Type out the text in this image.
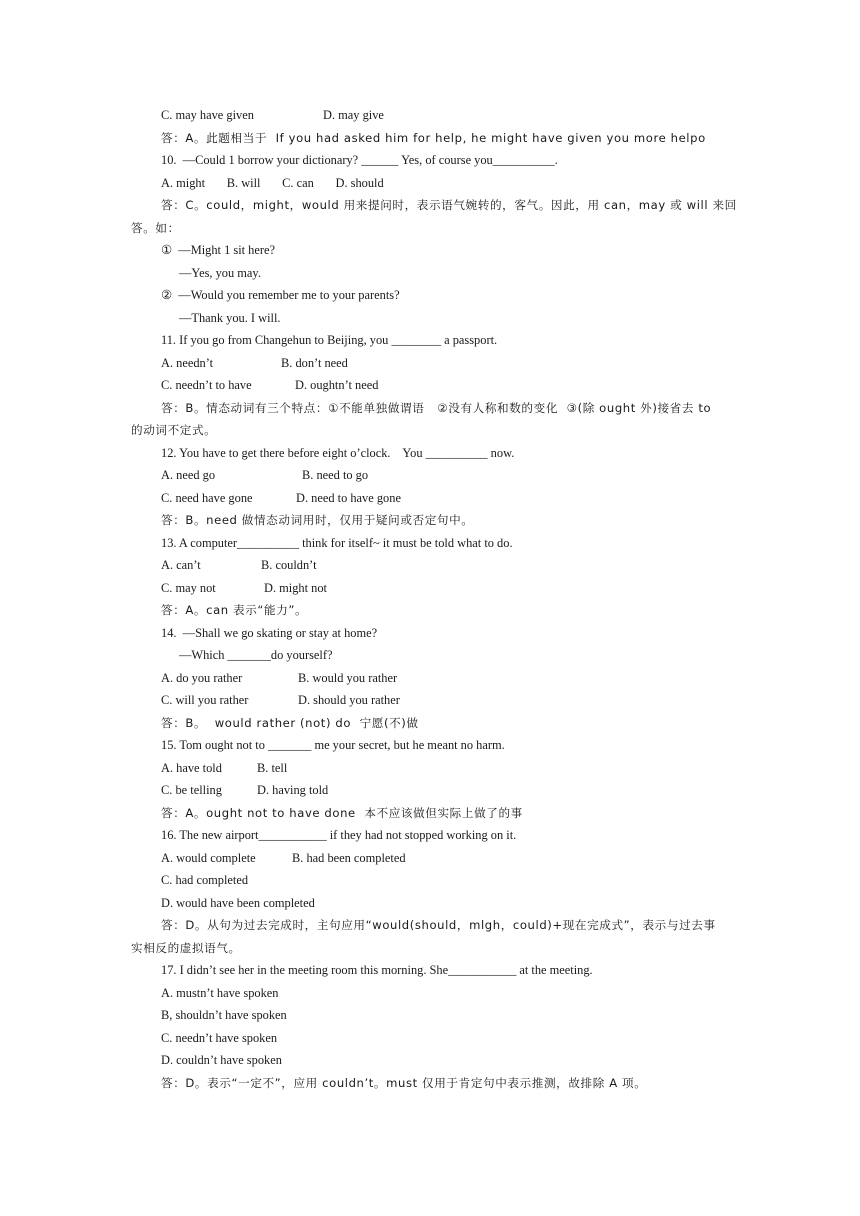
C. may have given	D. may give
答：A。此题相当于  If you had asked him for help, he might have given you more helpo
10.  —Could 1 borrow your dictionary? ______ Yes, of course you__________.
A. might       B. will       C. can       D. should
答：C。could，might，would 用来提问时，表示语气婉转的，客气。因此，用 can，may 或 will 来回
答。如：
①  —Might 1 sit here?
—Yes, you may.
②  —Would you remember me to your parents?
—Thank you. I will.
11. If you go from Changehun to Beijing, you ________ a passport.
A. needn’t	B. don’t need
C. needn’t to have	D. oughtn’t need
答：B。情态动词有三个特点：①不能单独做谓语   ②没有人称和数的变化  ③(除 ought 外)接省去 to
的动词不定式。
12. You have to get there before eight o’clock.    You __________ now.
A. need go	B. need to go
C. need have gone	D. need to have gone
答：B。need 做情态动词用时，仅用于疑问或否定句中。
13. A computer__________ think for itself~ it must be told what to do.
A. can’t	B. couldn’t
C. may not	D. might not
答：A。can 表示“能力”。
14.  —Shall we go skating or stay at home?
—Which _______do yourself?
A. do you rather	B. would you rather
C. will you rather	D. should you rather
答：B。  would rather (not) do  宁愿(不)做
15. Tom ought not to _______ me your secret, but he meant no harm.
A. have told	B. tell
C. be telling	D. having told
答：A。ought not to have done  本不应该做但实际上做了的事
16. The new airport___________ if they had not stopped working on it.
A. would complete	B. had been completed
C. had completed
D. would have been completed
答：D。从句为过去完成时，主句应用“would(should，mlgh，could)+现在完成式”，表示与过去事
实相反的虚拟语气。
17. I didn’t see her in the meeting room this morning. She___________ at the meeting.
A. mustn’t have spoken
B, shouldn’t have spoken
C. needn’t have spoken
D. couldn’t have spoken
答：D。表示“一定不”，应用 couldn’t。must 仅用于肯定句中表示推测，故排除 A 项。
